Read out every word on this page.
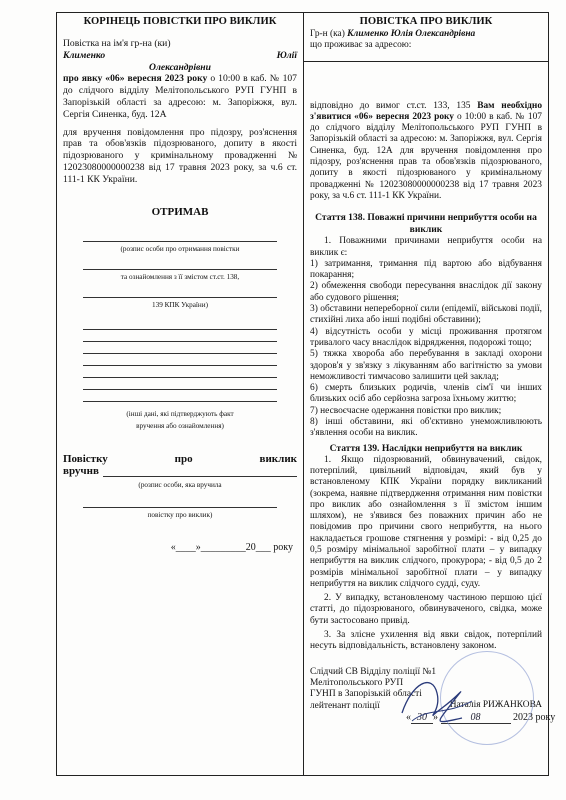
КОРІНЕЦЬ ПОВІСТКИ ПРО ВИКЛИК
Повістка на ім'я гр-на (ки)
Клименко Юлії
Олександрівни
про явку «06» вересня 2023 року о 10:00 в каб. № 107 до слідчого відділу Мелітопольського РУП ГУНП в Запорізькій області за адресою: м. Запоріжжя, вул. Сергія Синенка, буд. 12А
для вручення повідомлення про підозру, роз'яснення прав та обов'язків підозрюваного, допиту в якості підозрюваного у кримінальному провадженні № 12023080000000238 від 17 травня 2023 року, за ч.6 ст. 111-1 КК України.
ОТРИМАВ
(розпис особи про отримання повістки
та ознайомлення з її змістом ст.ст. 138,
139 КПК України)
(інші дані, які підтверджують факт
вручення або ознайомлення)
Повістку про виклик
вручнв
(розпис особи, яка вручила
повістку про виклик)
«____»_________20___ року
ПОВІСТКА ПРО ВИКЛИК
Гр-н (ка) Клименко Юлія Олександрівна
що проживає за адресою:
відповідно до вимог ст.ст. 133, 135 Вам необхідно з'явитися «06» вересня 2023 року о 10:00 в каб. № 107 до слідчого відділу Мелітопольського РУП ГУНП в Запорізькій області за адресою: м. Запоріжжя, вул. Сергія Синенка, буд. 12А для вручення повідомлення про підозру, роз'яснення прав та обов'язків підозрюваного, допиту в якості підозрюваного у кримінальному провадженні № 12023080000000238 від 17 травня 2023 року, за ч.6 ст. 111-1 КК України.
Стаття 138. Поважні причини неприбуття особи на виклик
1. Поважними причинами неприбуття особи на виклик є:
1) затримання, тримання під вартою або відбування покарання;
2) обмеження свободи пересування внаслідок дії закону або судового рішення;
3) обставини непереборної сили (епідемії, військові події, стихійні лиха або інші подібні обставини);
4) відсутність особи у місці проживання протягом тривалого часу внаслідок відрядження, подорожі тощо;
5) тяжка хвороба або перебування в закладі охорони здоров'я у зв'язку з лікуванням або вагітністю за умови неможливості тимчасово залишити цей заклад;
6) смерть близьких родичів, членів сім'ї чи інших близьких осіб або серйозна загроза їхньому життю;
7) несвоєчасне одержання повістки про виклик;
8) інші обставини, які об'єктивно унеможливлюють з'явлення особи на виклик.
Стаття 139. Наслідки неприбуття на виклик
1. Якщо підозрюваний, обвинувачений, свідок, потерпілий, цивільний відповідач, який був у встановленому КПК України порядку викликаний (зокрема, наявне підтвердження отримання ним повістки про виклик або ознайомлення з її змістом іншим шляхом), не з'явився без поважних причин або не повідомив про причини свого неприбуття, на нього накладається грошове стягнення у розмірі: - від 0,25 до 0,5 розміру мінімальної заробітної плати – у випадку неприбуття на виклик слідчого, прокурора; - від 0,5 до 2 розмірів мінімальної заробітної плати – у випадку неприбуття на виклик слідчого судді, суду.
2. У випадку, встановленому частиною першою цієї статті, до підозрюваного, обвинуваченого, свідка, може бути застосовано привід.
3. За злісне ухилення від явки свідок, потерпілий несуть відповідальність, встановлену законом.
Слідчий СВ Відділу поліції №1
Мелітопольського РУП
ГУНП в Запорізькій області
лейтенант поліції	Наталія РИЖАНКОВА
« 30 »	08	2023 року
